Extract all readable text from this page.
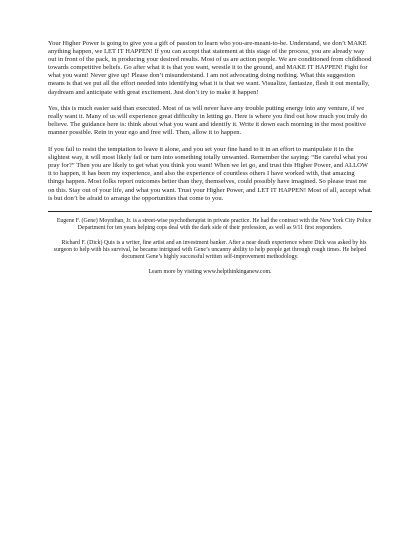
Your Higher Power is going to give you a gift of passion to learn who you-are-meant-to-be. Understand, we don’t MAKE anything happen, we LET IT HAPPEN! If you can accept that statement at this stage of the process, you are already way out in front of the pack, in producing your desired results. Most of us are action people. We are conditioned from childhood towards competitive beliefs. Go after what it is that you want, wrestle it to the ground, and MAKE IT HAPPEN! Fight for what you want! Never give up! Please don’t misunderstand. I am not advocating doing nothing. What this suggestion means is that we put all the effort needed into identifying what it is that we want. Visualize, fantasize, flesh it out mentally, daydream and anticipate with great excitement. Just don’t try to make it happen!

Yes, this is much easier said than executed. Most of us will never have any trouble putting energy into any venture, if we really want it. Many of us will experience great difficulty in letting go. Here is where you find out how much you truly do believe. The guidance here is: think about what you want and identify it. Write it down each morning in the most positive manner possible. Rein in your ego and free will. Then, allow it to happen.

If you fail to resist the temptation to leave it alone, and you set your fine hand to it in an effort to manipulate it in the slightest way, it will most likely fail or turn into something totally unwanted. Remember the saying: “Be careful what you pray for?” Then you are likely to get what you think you want! When we let go, and trust this Higher Power, and ALLOW it to happen, it has been my experience, and also the experience of countless others I have worked with, that amazing things happen. Most folks report outcomes better than they, themselves, could possibly have imagined. So please trust me on this. Stay out of your life, and what you want. Trust your Higher Power, and LET IT HAPPEN! Most of all, accept what is but don’t be afraid to arrange the opportunities that come to you.

Eugene F. (Gene) Moynihan, Jr. is a street-wise psychotherapist in private practice. He had the contract with the New York City Police Department for ten years helping cops deal with the dark side of their profession, as well as 9/11 first responders.

Richard F. (Dick) Quis is a writer, fine artist and an investment banker. After a near death experience where Dick was asked by his surgeon to help with his survival, he became intrigued with Gene’s uncanny ability to help people get through rough times. He helped document Gene’s highly successful written self-improvement methodology.

Learn more by visiting www.helpthinkinganew.com.
